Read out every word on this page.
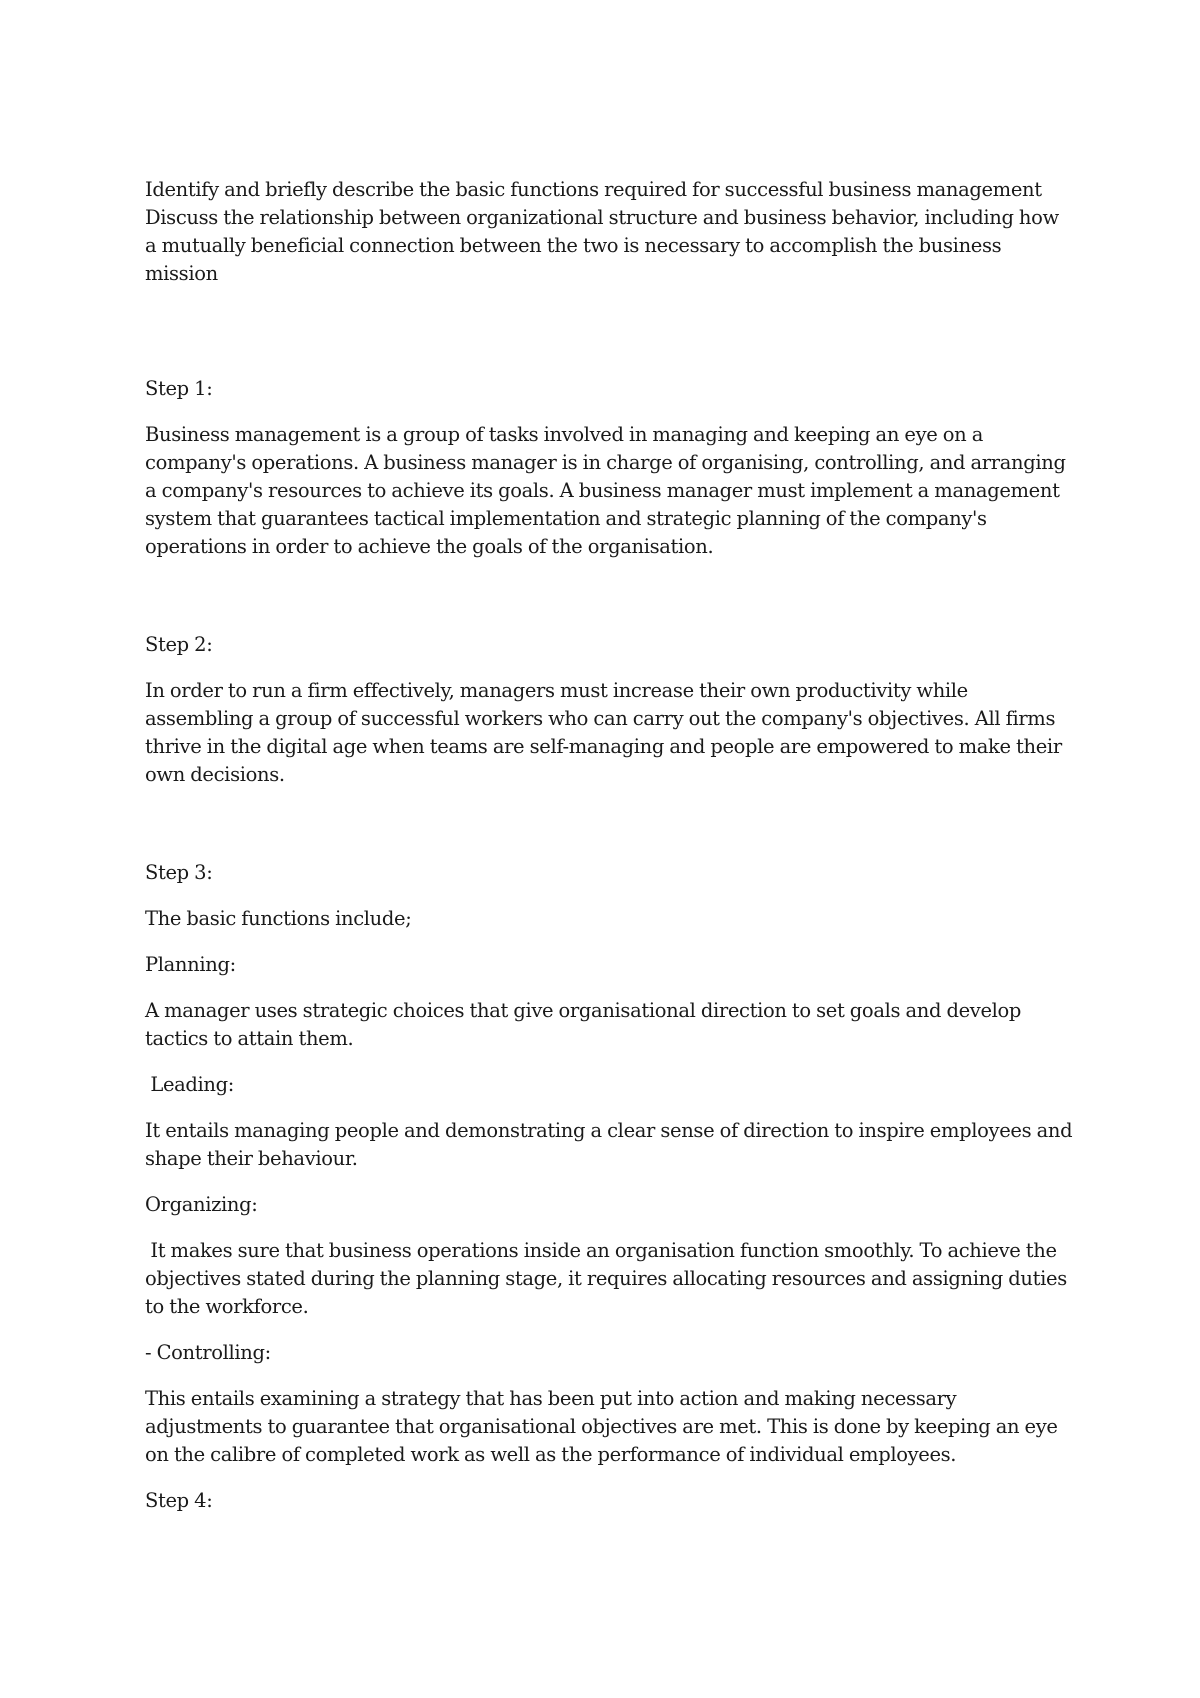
Identify and briefly describe the basic functions required for successful business management
Discuss the relationship between organizational structure and business behavior, including how a mutually beneficial connection between the two is necessary to accomplish the business mission
Step 1:
Business management is a group of tasks involved in managing and keeping an eye on a company's operations. A business manager is in charge of organising, controlling, and arranging a company's resources to achieve its goals. A business manager must implement a management system that guarantees tactical implementation and strategic planning of the company's operations in order to achieve the goals of the organisation.
Step 2:
In order to run a firm effectively, managers must increase their own productivity while assembling a group of successful workers who can carry out the company's objectives. All firms thrive in the digital age when teams are self-managing and people are empowered to make their own decisions.
Step 3:
The basic functions include;
Planning:
A manager uses strategic choices that give organisational direction to set goals and develop tactics to attain them.
Leading:
It entails managing people and demonstrating a clear sense of direction to inspire employees and shape their behaviour.
Organizing:
It makes sure that business operations inside an organisation function smoothly. To achieve the objectives stated during the planning stage, it requires allocating resources and assigning duties to the workforce.
- Controlling:
This entails examining a strategy that has been put into action and making necessary adjustments to guarantee that organisational objectives are met. This is done by keeping an eye on the calibre of completed work as well as the performance of individual employees.
Step 4:
